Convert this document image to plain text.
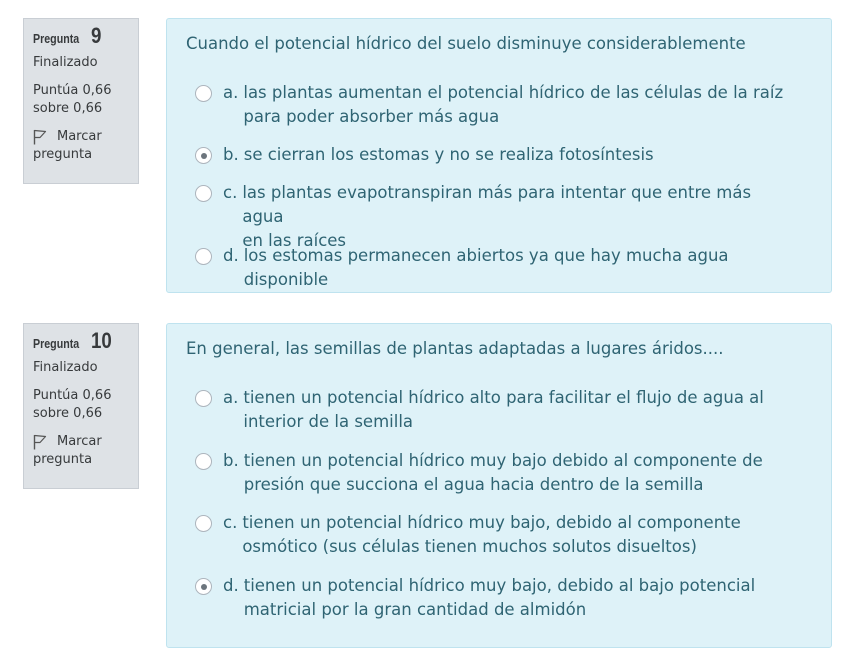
Pregunta 9
Finalizado
Puntúa 0,66
sobre 0,66
Marcar
pregunta

Cuando el potencial hídrico del suelo disminuye considerablemente

a. las plantas aumentan el potencial hídrico de las células de la raíz
para poder absorber más agua
b. se cierran los estomas y no se realiza fotosíntesis
c. las plantas evapotranspiran más para intentar que entre más agua
en las raíces
d. los estomas permanecen abiertos ya que hay mucha agua disponible
Pregunta 10
Finalizado
Puntúa 0,66
sobre 0,66
Marcar
pregunta

En general, las semillas de plantas adaptadas a lugares áridos....

a. tienen un potencial hídrico alto para facilitar el flujo de agua al
interior de la semilla
b. tienen un potencial hídrico muy bajo debido al componente de
presión que succiona el agua hacia dentro de la semilla
c. tienen un potencial hídrico muy bajo, debido al componente
osmótico (sus células tienen muchos solutos disueltos)
d. tienen un potencial hídrico muy bajo, debido al bajo potencial
matricial por la gran cantidad de almidón
